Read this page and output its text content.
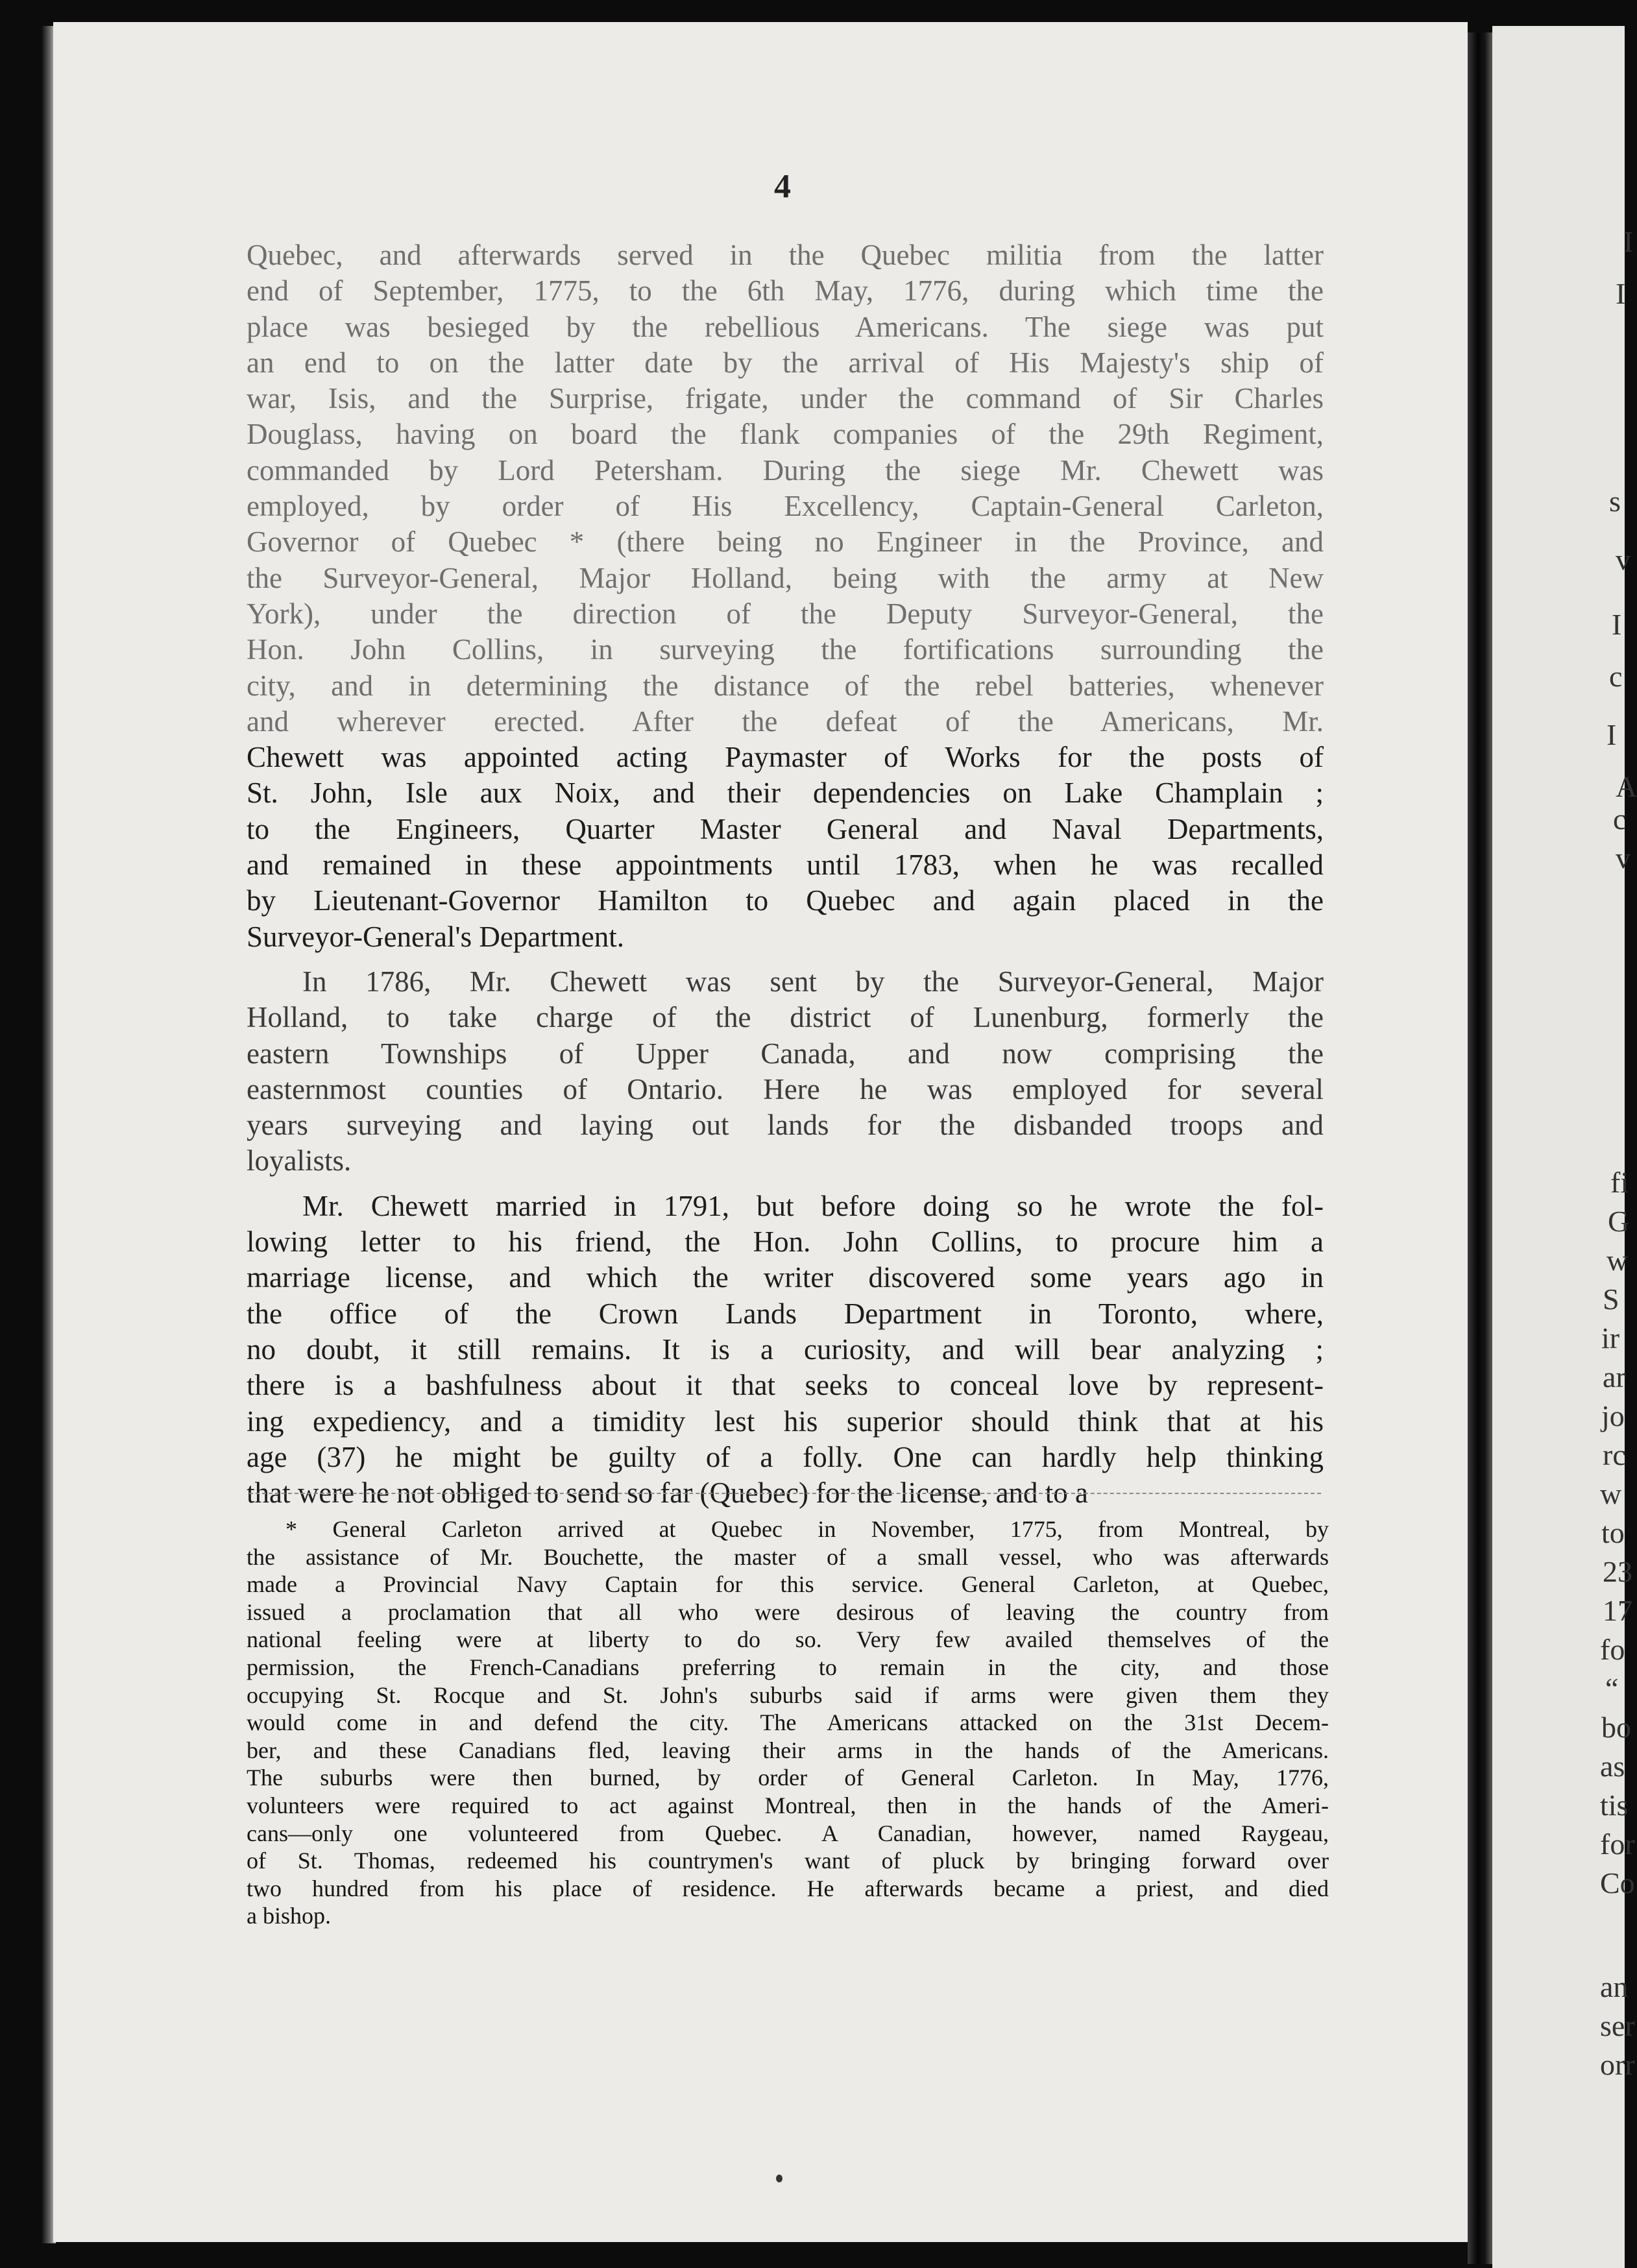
4
Quebec, and afterwards served in the Quebec militia from the latter
end of September, 1775, to the 6th May, 1776, during which time the
place was besieged by the rebellious Americans. The siege was put
an end to on the latter date by the arrival of His Majesty's ship of
war, Isis, and the Surprise, frigate, under the command of Sir Charles
Douglass, having on board the flank companies of the 29th Regiment,
commanded by Lord Petersham. During the siege Mr. Chewett was
employed, by order of His Excellency, Captain-General Carleton,
Governor of Quebec * (there being no Engineer in the Province, and
the Surveyor-General, Major Holland, being with the army at New
York), under the direction of the Deputy Surveyor-General, the
Hon. John Collins, in surveying the fortifications surrounding the
city, and in determining the distance of the rebel batteries, whenever
and wherever erected. After the defeat of the Americans, Mr.
Chewett was appointed acting Paymaster of Works for the posts of
St. John, Isle aux Noix, and their dependencies on Lake Champlain ;
to the Engineers, Quarter Master General and Naval Departments,
and remained in these appointments until 1783, when he was recalled
by Lieutenant-Governor Hamilton to Quebec and again placed in the
Surveyor-General's Department.
In 1786, Mr. Chewett was sent by the Surveyor-General, Major
Holland, to take charge of the district of Lunenburg, formerly the
eastern Townships of Upper Canada, and now comprising the
easternmost counties of Ontario. Here he was employed for several
years surveying and laying out lands for the disbanded troops and
loyalists.
Mr. Chewett married in 1791, but before doing so he wrote the fol-
lowing letter to his friend, the Hon. John Collins, to procure him a
marriage license, and which the writer discovered some years ago in
the office of the Crown Lands Department in Toronto, where,
no doubt, it still remains. It is a curiosity, and will bear analyzing ;
there is a bashfulness about it that seeks to conceal love by represent-
ing expediency, and a timidity lest his superior should think that at his
age (37) he might be guilty of a folly. One can hardly help thinking
that were he not obliged to send so far (Quebec) for the license, and to a
* General Carleton arrived at Quebec in November, 1775, from Montreal, by
the assistance of Mr. Bouchette, the master of a small vessel, who was afterwards
made a Provincial Navy Captain for this service. General Carleton, at Quebec,
issued a proclamation that all who were desirous of leaving the country from
national feeling were at liberty to do so. Very few availed themselves of the
permission, the French-Canadians preferring to remain in the city, and those
occupying St. Rocque and St. John's suburbs said if arms were given them they
would come in and defend the city. The Americans attacked on the 31st Decem-
ber, and these Canadians fled, leaving their arms in the hands of the Americans.
The suburbs were then burned, by order of General Carleton. In May, 1776,
volunteers were required to act against Montreal, then in the hands of the Ameri-
cans—only one volunteered from Quebec. A Canadian, however, named Raygeau,
of St. Thomas, redeemed his countrymen's want of pluck by bringing forward over
two hundred from his place of residence. He afterwards became a priest, and died
a bishop.
I
I
s
v
I
c
I
A
c
v
fi
G
w
S
ir
ar
jo
rc
w
to
23
17
fo
“
bo
as
tis
for
Co
an
ser
orr
